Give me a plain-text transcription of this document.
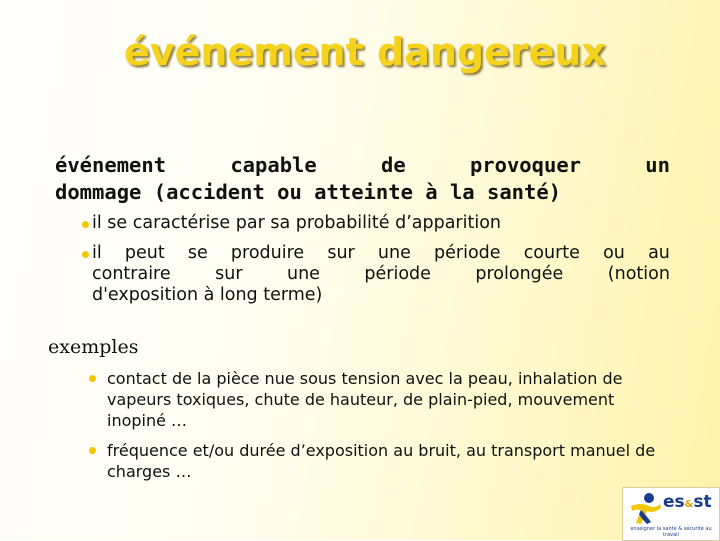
événement dangereux
événement	capable	de	provoquer	un
dommage (accident ou atteinte à la santé)
il se caractérise par sa probabilité d’apparition
il peut se produire sur une période courte ou au
contraire	sur	une	période	prolongée	(notion
d'exposition à long terme)
exemples
contact de la pièce nue sous tension avec la peau, inhalation de vapeurs toxiques, chute de hauteur, de plain-pied, mouvement inopiné …
fréquence et/ou durée d’exposition au bruit, au transport manuel de charges …
es&st
enseigner la santé & sécurité au travail
